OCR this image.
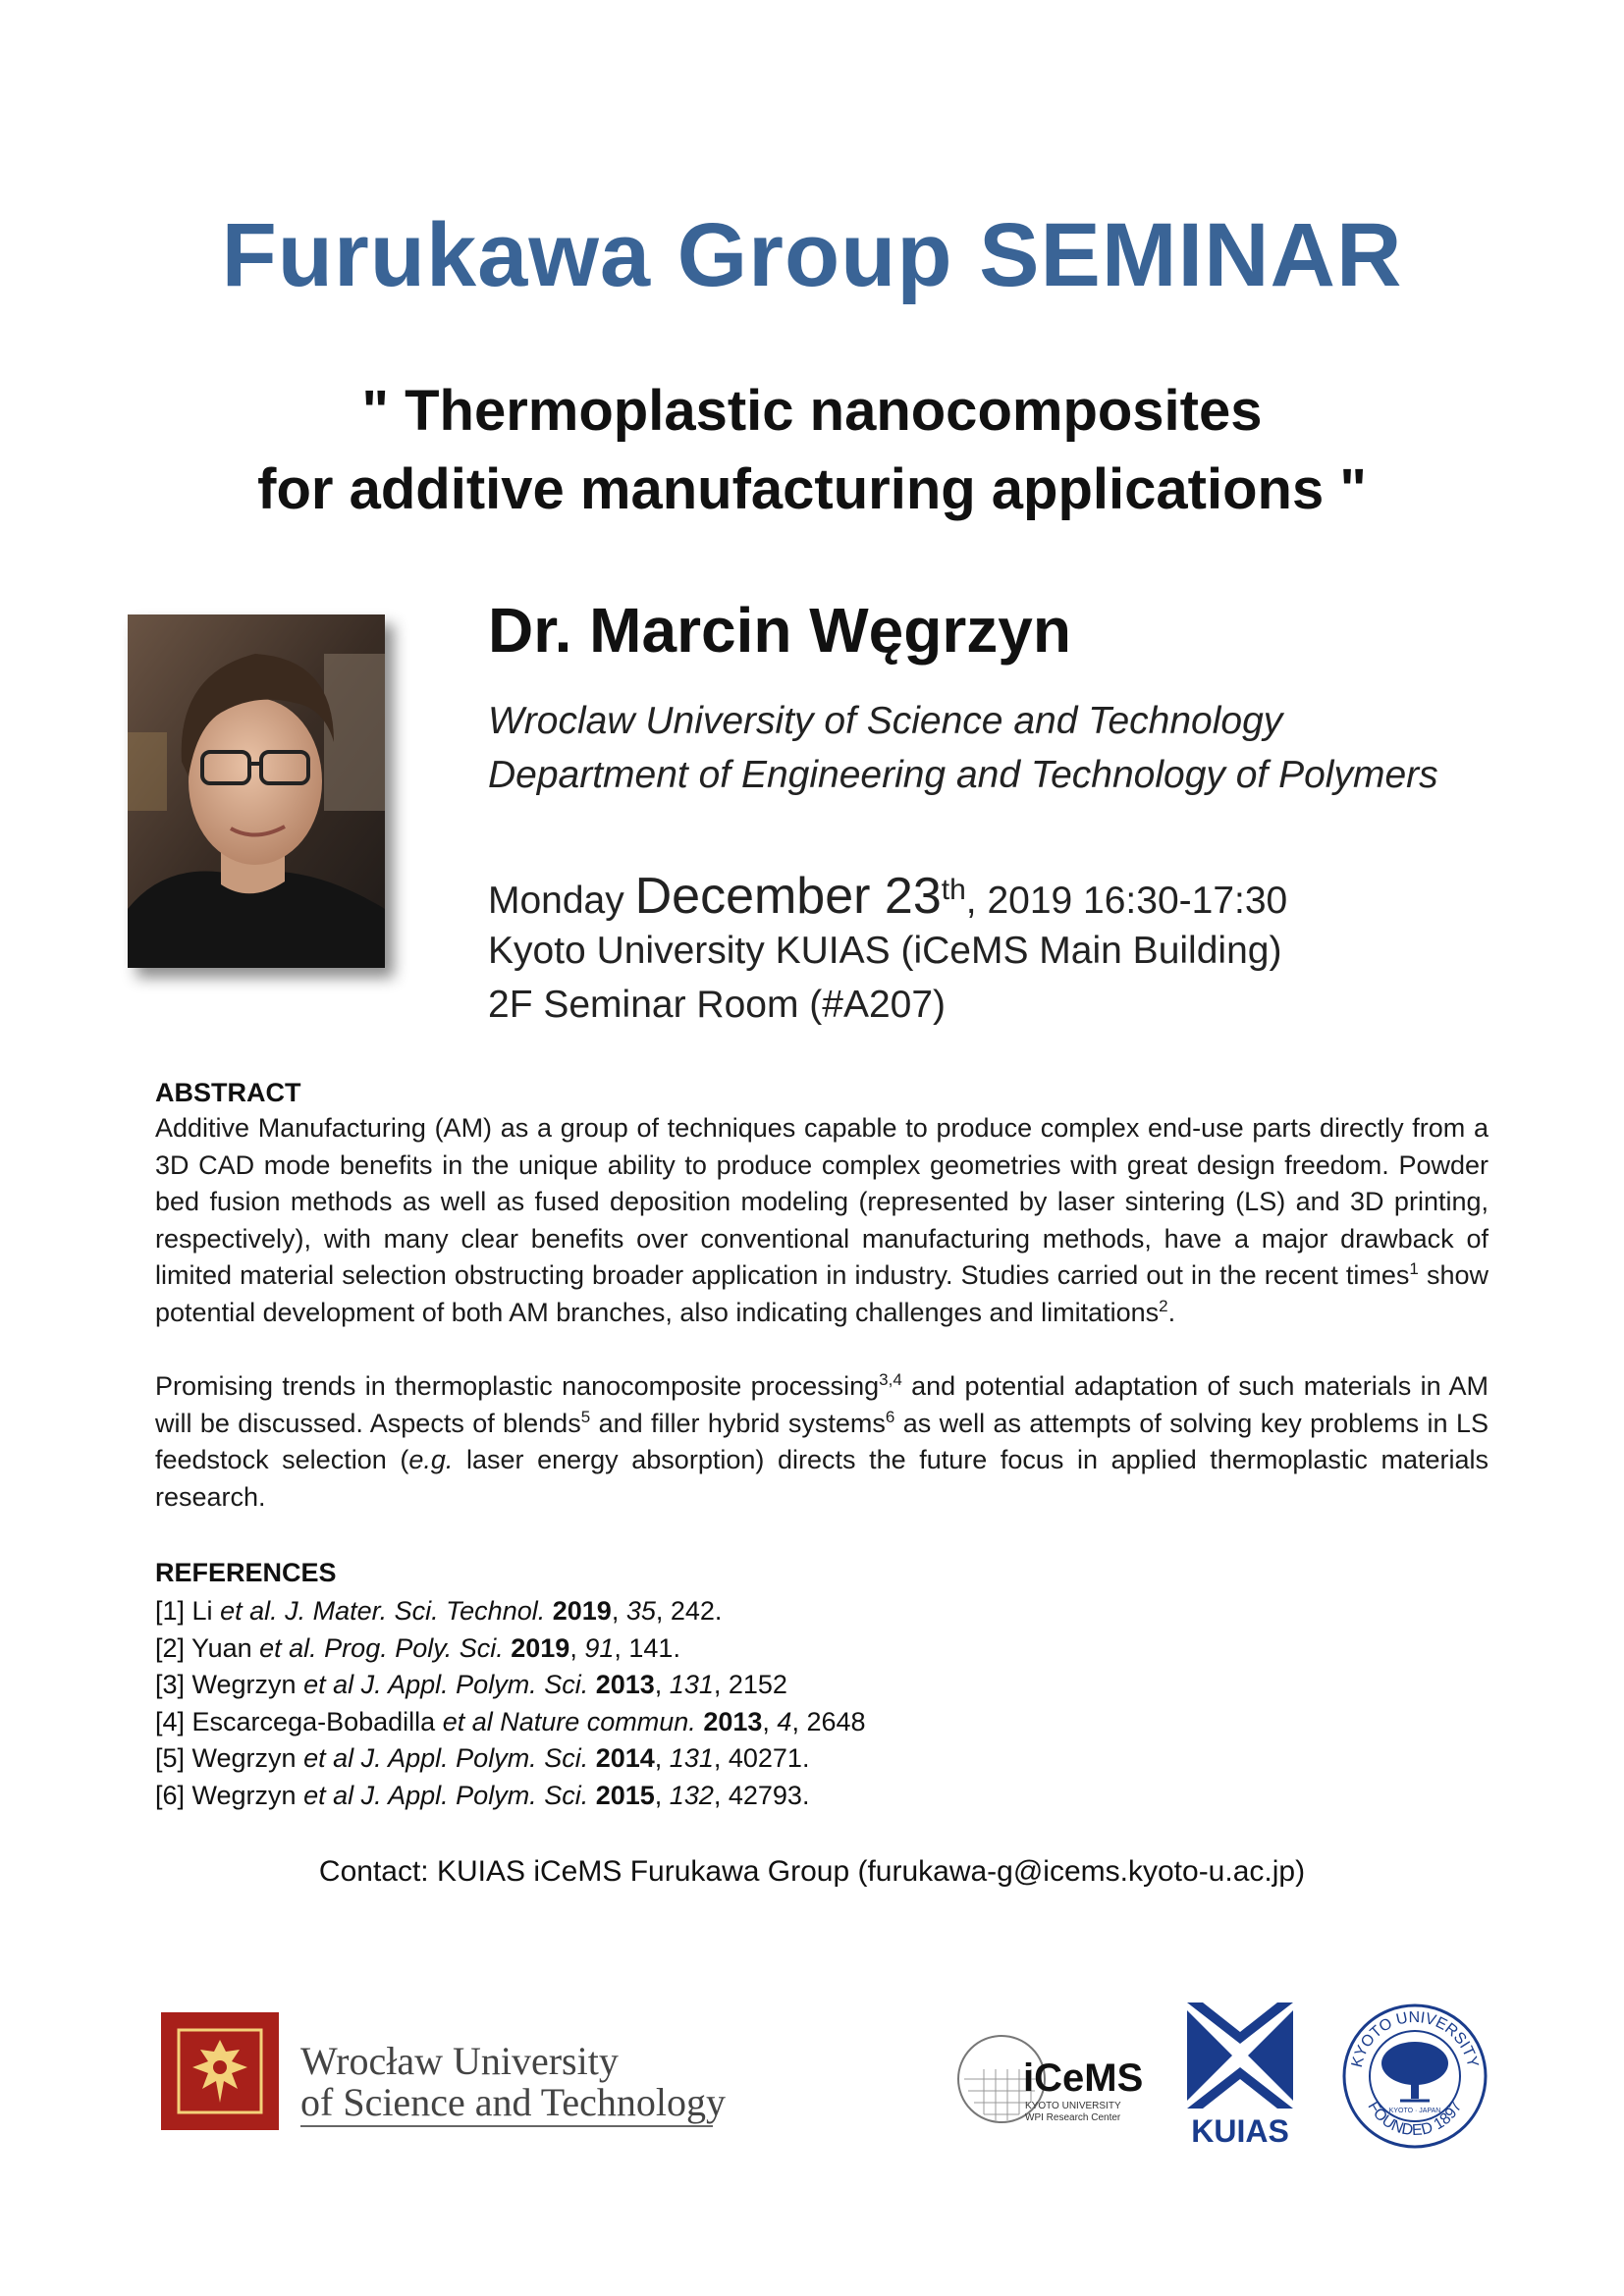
Furukawa Group SEMINAR
" Thermoplastic nanocomposites
for additive manufacturing applications "
Dr. Marcin Węgrzyn
Wroclaw University of Science and Technology
Department of Engineering and Technology of Polymers
Monday December 23th, 2019 16:30-17:30
Kyoto University KUIAS (iCeMS Main Building)
2F Seminar Room (#A207)
ABSTRACT
Additive Manufacturing (AM) as a group of techniques capable to produce complex end-use parts directly from a 3D CAD mode benefits in the unique ability to produce complex geometries with great design freedom. Powder bed fusion methods as well as fused deposition modeling (represented by laser sintering (LS) and 3D printing, respectively), with many clear benefits over conventional manufacturing methods, have a major drawback of limited material selection obstructing broader application in industry. Studies carried out in the recent times$^1$ show potential development of both AM branches, also indicating challenges and limitations$^2$.
Promising trends in thermoplastic nanocomposite processing$^{3,4}$ and potential adaptation of such materials in AM will be discussed. Aspects of blends$^5$ and filler hybrid systems$^6$ as well as attempts of solving key problems in LS feedstock selection (e.g. laser energy absorption) directs the future focus in applied thermoplastic materials research.
REFERENCES
[1] Li et al. J. Mater. Sci. Technol. 2019, 35, 242.
[2] Yuan et al. Prog. Poly. Sci. 2019, 91, 141.
[3] Wegrzyn et al J. Appl. Polym. Sci. 2013, 131, 2152
[4] Escarcega-Bobadilla et al Nature commun. 2013, 4, 2648
[5] Wegrzyn et al J. Appl. Polym. Sci. 2014, 131, 40271.
[6] Wegrzyn et al J. Appl. Polym. Sci. 2015, 132, 42793.
Contact: KUIAS iCeMS Furukawa Group (furukawa-g@icems.kyoto-u.ac.jp)
Wrocław University
of Science and Technology
iCeMS
KYOTO UNIVERSITY
WPI Research Center KUIAS
KYOTO UNIVERSITY
FOUNDED 1897
KYOTO · JAPAN
